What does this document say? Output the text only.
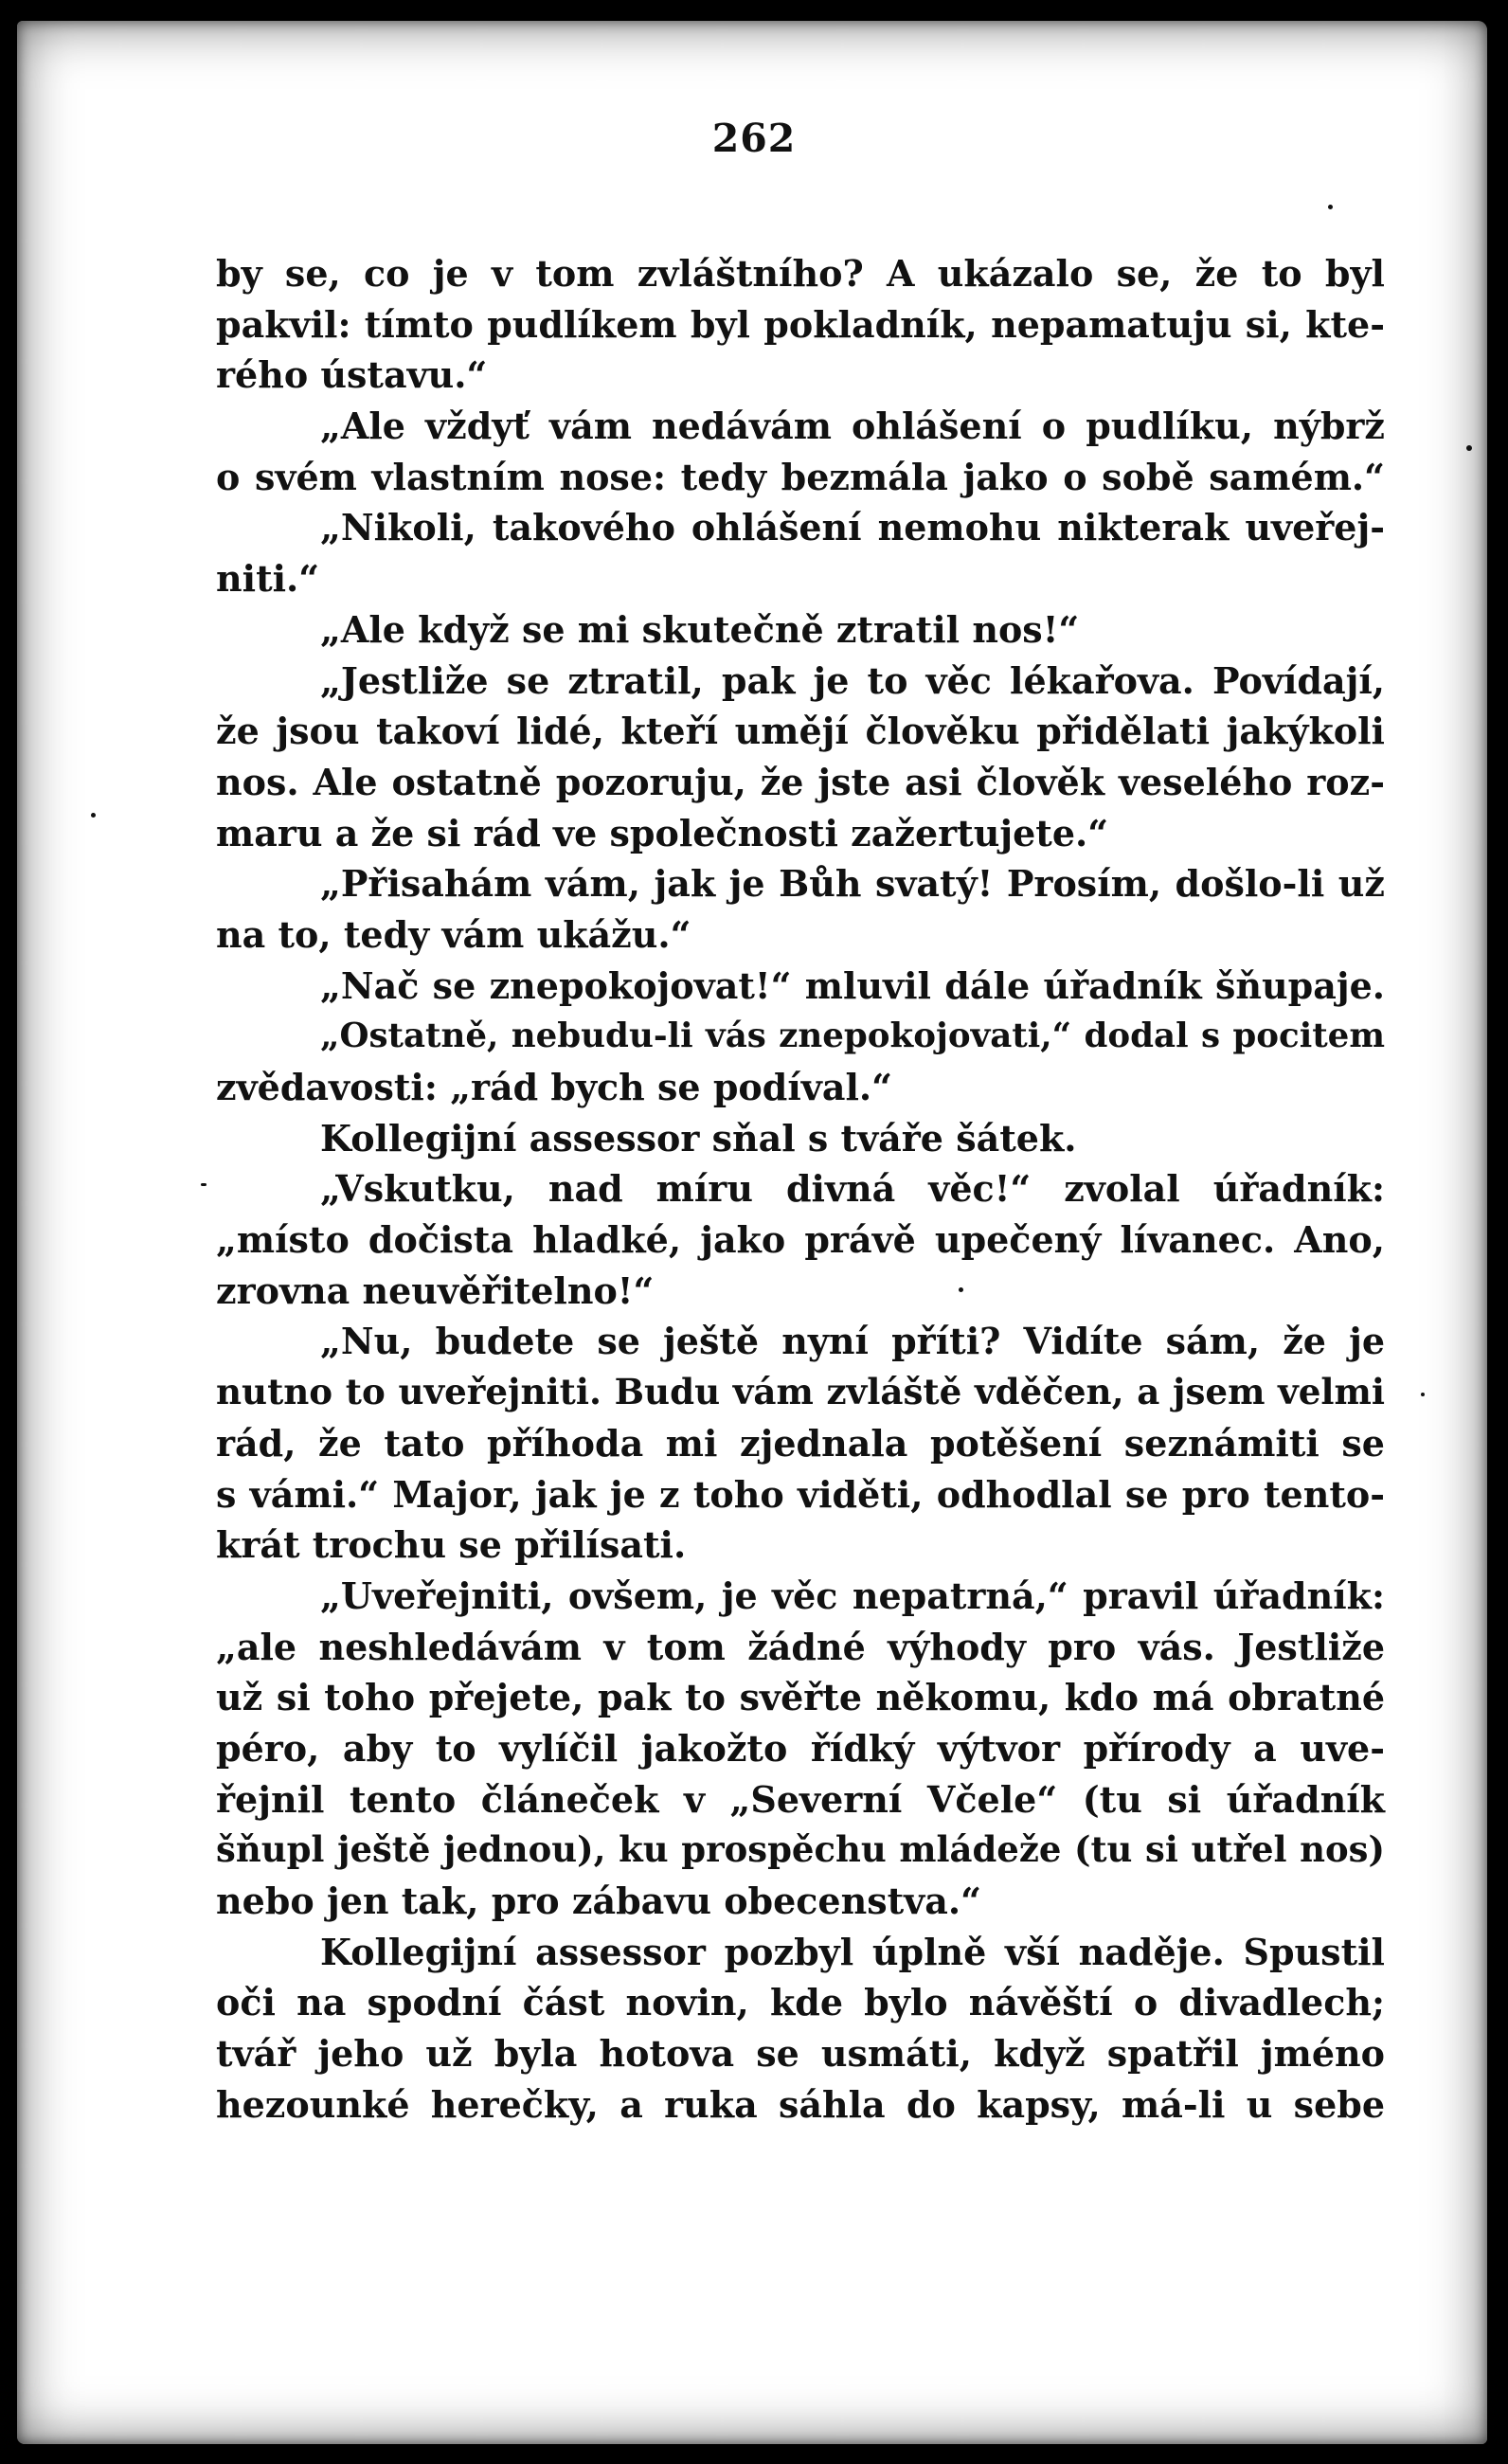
262
by se, co je v tom zvláštního? A ukázalo se, že to byl
pakvil: tímto pudlíkem byl pokladník, nepamatuju si, kte-
rého ústavu.“
„Ale vždyť vám nedávám ohlášení o pudlíku, nýbrž
o svém vlastním nose: tedy bezmála jako o sobě samém.“
„Nikoli, takového ohlášení nemohu nikterak uveřej-
niti.“
„Ale když se mi skutečně ztratil nos!“
„Jestliže se ztratil, pak je to věc lékařova. Povídají,
že jsou takoví lidé, kteří umějí člověku přidělati jakýkoli
nos. Ale ostatně pozoruju, že jste asi člověk veselého roz-
maru a že si rád ve společnosti zažertujete.“
„Přisahám vám, jak je Bůh svatý! Prosím, došlo-li už
na to, tedy vám ukážu.“
„Nač se znepokojovat!“ mluvil dále úřadník šňupaje.
„Ostatně, nebudu-li vás znepokojovati,“ dodal s pocitem
zvědavosti: „rád bych se podíval.“
Kollegijní assessor sňal s tváře šátek.
„Vskutku, nad míru divná věc!“ zvolal úřadník:
„místo dočista hladké, jako právě upečený lívanec. Ano,
zrovna neuvěřitelno!“
„Nu, budete se ještě nyní příti? Vidíte sám, že je
nutno to uveřejniti. Budu vám zvláště vděčen, a jsem velmi
rád, že tato příhoda mi zjednala potěšení seznámiti se
s vámi.“ Major, jak je z toho viděti, odhodlal se pro tento-
krát trochu se přilísati.
„Uveřejniti, ovšem, je věc nepatrná,“ pravil úřadník:
„ale neshledávám v tom žádné výhody pro vás. Jestliže
už si toho přejete, pak to svěřte někomu, kdo má obratné
péro, aby to vylíčil jakožto řídký výtvor přírody a uve-
řejnil tento článeček v „Severní Včele“ (tu si úřadník
šňupl ještě jednou), ku prospěchu mládeže (tu si utřel nos)
nebo jen tak, pro zábavu obecenstva.“
Kollegijní assessor pozbyl úplně vší naděje. Spustil
oči na spodní část novin, kde bylo návěští o divadlech;
tvář jeho už byla hotova se usmáti, když spatřil jméno
hezounké herečky, a ruka sáhla do kapsy, má-li u sebe
